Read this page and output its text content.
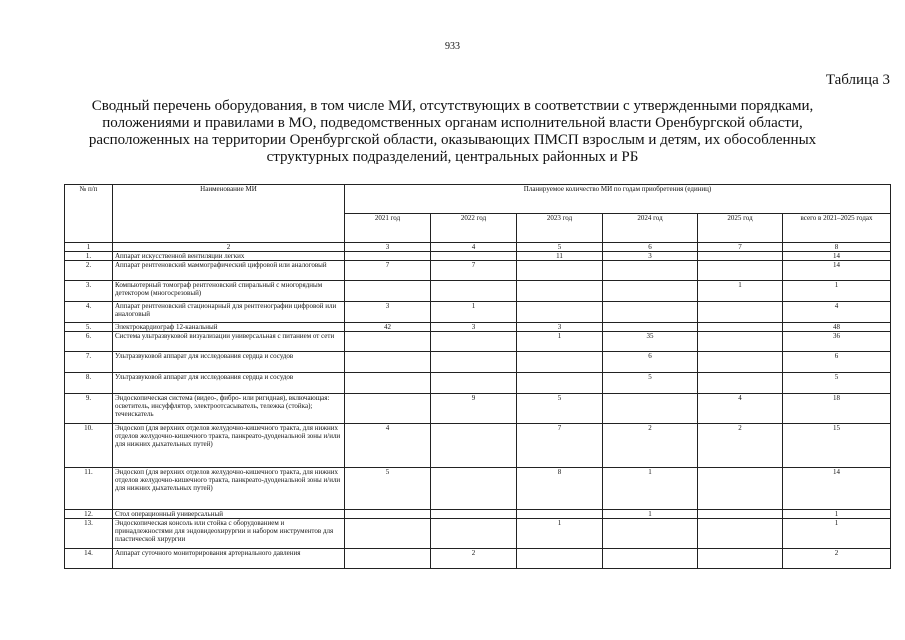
933
Таблица 3
Сводный перечень оборудования, в том числе МИ, отсутствующих в соответствии с утвержденными порядками, положениями и правилами в МО, подведомственных органам исполнительной власти Оренбургской области, расположенных на территории Оренбургской области, оказывающих ПМСП взрослым и детям, их обособленных структурных подразделений, центральных районных и РБ
№ п/п	Наименование МИ	Планируемое количество МИ по годам приобретения (единиц)					
		2021 год	2022 год	2023 год	2024 год	2025 год	всего в 2021–2025 годах
1	2	3	4	5	6	7	8
1.	Аппарат искусственной вентиляции легких			11	3		14
2.	Аппарат рентгеновский маммографический цифровой или аналоговый	7	7				14
3.	Компьютерный томограф рентгеновский спиральный с многорядным детектором (многосрезовый)					1	1
4.	Аппарат рентгеновский стационарный для рентгенографии цифровой или аналоговый	3	1				4
5.	Электрокардиограф 12-канальный	42	3	3			48
6.	Система ультразвуковой визуализации универсальная с питанием от сети			1	35		36
7.	Ультразвуковой аппарат для исследования сердца и сосудов				6		6
8.	Ультразвуковой аппарат для исследования сердца и сосудов				5		5
9.	Эндоскопическая система (видео-, фибро- или ригидная), включающая: осветитель, инсуффлятор, электроотсасыватель, тележка (стойка); течеискатель		9	5		4	18
10.	Эндоскоп (для верхних отделов желудочно-кишечного тракта, для нижних отделов желудочно-кишечного тракта, панкреато-дуоденальной зоны и/или для нижних дыхательных путей)	4		7	2	2	15
11.	Эндоскоп (для верхних отделов желудочно-кишечного тракта, для нижних отделов желудочно-кишечного тракта, панкреато-дуоденальной зоны и/или для нижних дыхательных путей)	5		8	1		14
12.	Стол операционный универсальный				1		1
13.	Эндоскопическая консоль или стойка с оборудованием и принадлежностями для эндовидеохирургии и набором инструментов для пластической хирургии			1			1
14.	Аппарат суточного мониторирования артериального давления		2				2
